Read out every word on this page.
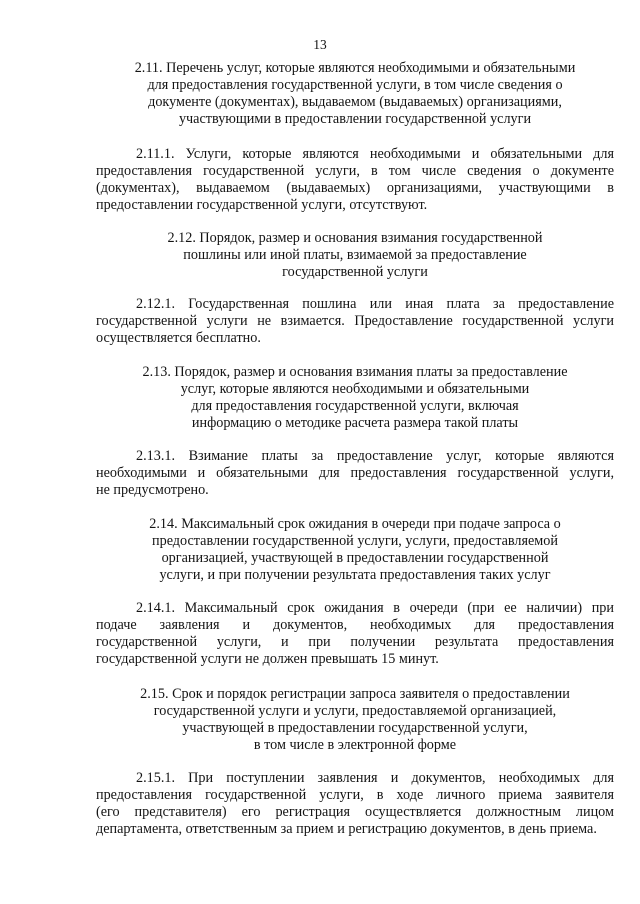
13
2.11. Перечень услуг, которые являются необходимыми и обязательными
для предоставления государственной услуги, в том числе сведения о
документе (документах), выдаваемом (выдаваемых) организациями,
участвующими в предоставлении государственной услуги
2.11.1. Услуги, которые являются необходимыми и обязательными для
предоставления государственной услуги, в том числе сведения о документе
(документах), выдаваемом (выдаваемых) организациями, участвующими в
предоставлении государственной услуги, отсутствуют.
2.12. Порядок, размер и основания взимания государственной
пошлины или иной платы, взимаемой за предоставление
государственной услуги
2.12.1. Государственная пошлина или иная плата за предоставление
государственной услуги не взимается. Предоставление государственной услуги
осуществляется бесплатно.
2.13. Порядок, размер и основания взимания платы за предоставление
услуг, которые являются необходимыми и обязательными
для предоставления государственной услуги, включая
информацию о методике расчета размера такой платы
2.13.1. Взимание платы за предоставление услуг, которые являются
необходимыми и обязательными для предоставления государственной услуги,
не предусмотрено.
2.14. Максимальный срок ожидания в очереди при подаче запроса о
предоставлении государственной услуги, услуги, предоставляемой
организацией, участвующей в предоставлении государственной
услуги, и при получении результата предоставления таких услуг
2.14.1. Максимальный срок ожидания в очереди (при ее наличии) при
подаче заявления и документов, необходимых для предоставления
государственной услуги, и при получении результата предоставления
государственной услуги не должен превышать 15 минут.
2.15. Срок и порядок регистрации запроса заявителя о предоставлении
государственной услуги и услуги, предоставляемой организацией,
участвующей в предоставлении государственной услуги,
в том числе в электронной форме
2.15.1. При поступлении заявления и документов, необходимых для
предоставления государственной услуги, в ходе личного приема заявителя
(его представителя) его регистрация осуществляется должностным лицом
департамента, ответственным за прием и регистрацию документов, в день приема.
